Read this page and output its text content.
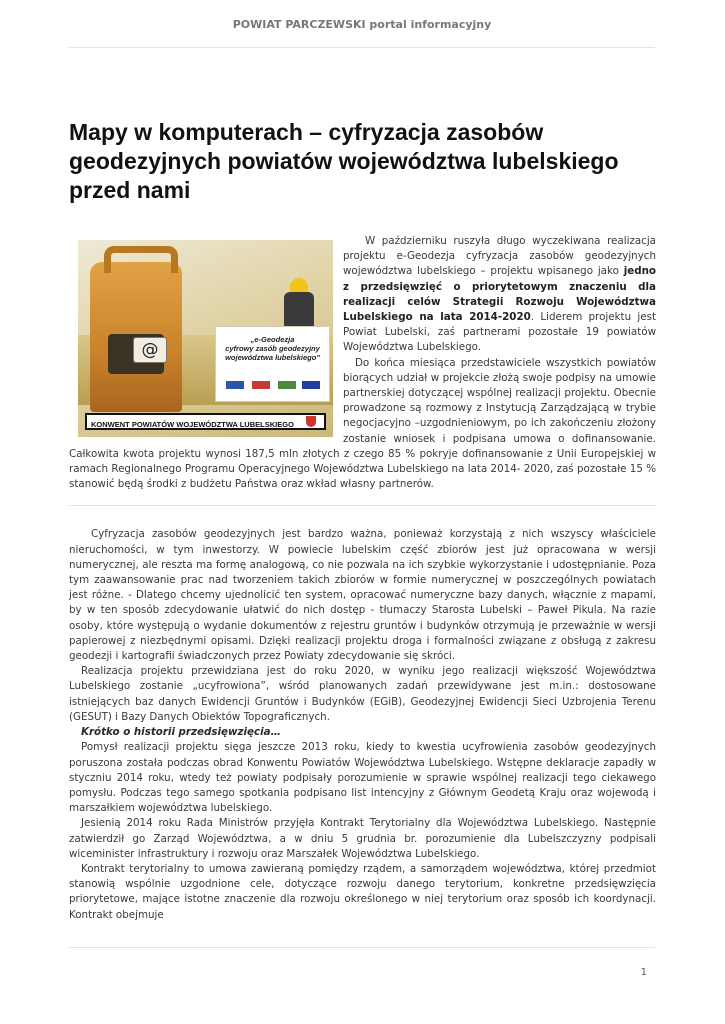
POWIAT PARCZEWSKI portal informacyjny
Mapy w komputerach – cyfryzacja zasobów geodezyjnych powiatów województwa lubelskiego przed nami
@
„e-Geodezja
cyfrowy zasób geodezyjny
województwa lubelskiego"
KONWENT POWIATÓW WOJEWÓDZTWA LUBELSKIEGO

W październiku ruszyła długo wyczekiwana realizacja projektu e-Geodezja cyfryzacja zasobów geodezyjnych województwa lubelskiego – projektu wpisanego jako jedno z przedsięwzięć o priorytetowym znaczeniu dla realizacji celów Strategii Rozwoju Województwa Lubelskiego na lata 2014-2020. Liderem projektu jest Powiat Lubelski, zaś partnerami pozostałe 19 powiatów Województwa Lubelskiego.

Do końca miesiąca przedstawiciele wszystkich powiatów biorących udział w projekcie złożą swoje podpisy na umowie partnerskiej dotyczącej wspólnej realizacji projektu. Obecnie prowadzone są rozmowy z Instytucją Zarządzającą w trybie negocjacyjno –uzgodnieniowym, po ich zakończeniu złożony zostanie wniosek i podpisana umowa o dofinansowanie. Całkowita kwota projektu wynosi 187,5 mln złotych z czego 85 % pokryje dofinansowanie z Unii Europejskiej w ramach Regionalnego Programu Operacyjnego Województwa Lubelskiego na lata 2014- 2020, zaś pozostałe 15 % stanowić będą środki z budżetu Państwa oraz wkład własny partnerów.

Cyfryzacja zasobów geodezyjnych jest bardzo ważna, ponieważ korzystają z nich wszyscy właściciele nieruchomości, w tym inwestorzy. W powiecie lubelskim część zbiorów jest już opracowana w wersji numerycznej, ale reszta ma formę analogową, co nie pozwala na ich szybkie wykorzystanie i udostępnianie. Poza tym zaawansowanie prac nad tworzeniem takich zbiorów w formie numerycznej w poszczególnych powiatach jest różne. - Dlatego chcemy ujednolicić ten system, opracować numeryczne bazy danych, włącznie z mapami, by w ten sposób zdecydowanie ułatwić do nich dostęp - tłumaczy Starosta Lubelski – Paweł Pikula. Na razie osoby, które występują o wydanie dokumentów z rejestru gruntów i budynków otrzymują je przeważnie w wersji papierowej z niezbędnymi opisami. Dzięki realizacji projektu droga i formalności związane z obsługą z zakresu geodezji i kartografii świadczonych przez Powiaty zdecydowanie się skróci.

Realizacja projektu przewidziana jest do roku 2020, w wyniku jego realizacji większość Województwa Lubelskiego zostanie „ucyfrowiona”, wśród planowanych zadań przewidywane jest m.in.: dostosowane istniejących baz danych Ewidencji Gruntów i Budynków (EGiB), Geodezyjnej Ewidencji Sieci Uzbrojenia Terenu (GESUT) i Bazy Danych Obiektów Topograficznych.

Krótko o historii przedsięwzięcia…

Pomysł realizacji projektu sięga jeszcze 2013 roku, kiedy to kwestia ucyfrowienia zasobów geodezyjnych poruszona została podczas obrad Konwentu Powiatów Województwa Lubelskiego. Wstępne deklaracje zapadły w styczniu 2014 roku, wtedy też powiaty podpisały porozumienie w sprawie wspólnej realizacji tego ciekawego pomysłu. Podczas tego samego spotkania podpisano list intencyjny z Głównym Geodetą Kraju oraz wojewodą i marszałkiem województwa lubelskiego.

Jesienią 2014 roku Rada Ministrów przyjęła Kontrakt Terytorialny dla Województwa Lubelskiego. Następnie zatwierdził go Zarząd Województwa, a w dniu 5 grudnia br. porozumienie dla Lubelszczyzny podpisali wiceminister infrastruktury i rozwoju oraz Marszałek Województwa Lubelskiego.

Kontrakt terytorialny to umowa zawieraną pomiędzy rządem, a samorządem województwa, której przedmiot stanowią wspólnie uzgodnione cele, dotyczące rozwoju danego terytorium, konkretne przedsięwzięcia priorytetowe, mające istotne znaczenie dla rozwoju określonego w niej terytorium oraz sposób ich koordynacji. Kontrakt obejmuje

1
